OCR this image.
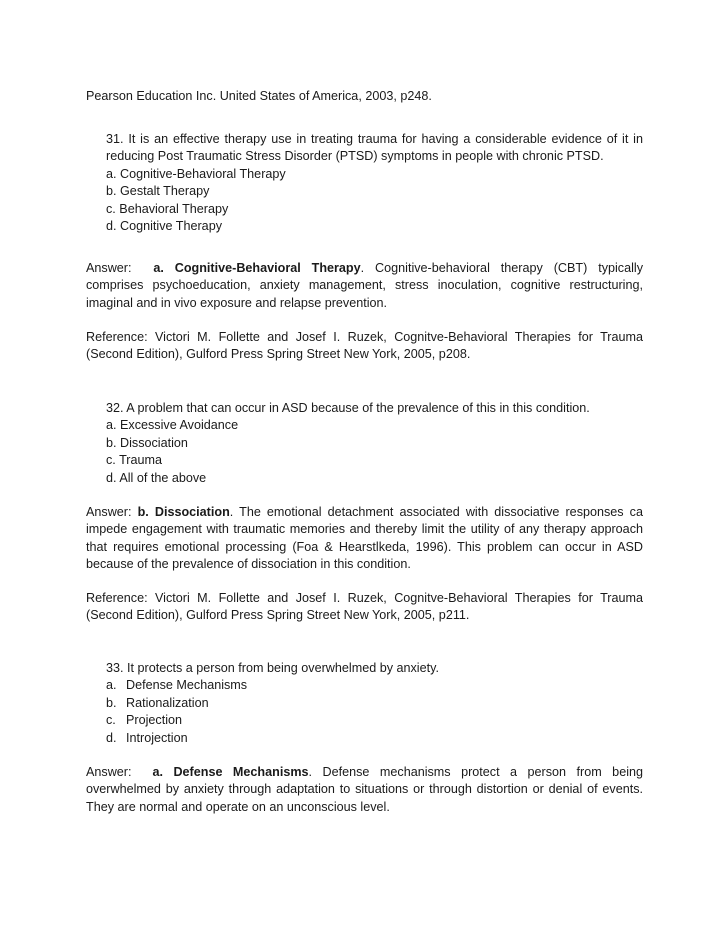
Pearson Education Inc. United States of America, 2003, p248.
31. It is an effective therapy use in treating trauma for having a considerable evidence of it in reducing Post Traumatic Stress Disorder (PTSD) symptoms in people with chronic PTSD.
a. Cognitive-Behavioral Therapy
b. Gestalt Therapy
c. Behavioral Therapy
d. Cognitive Therapy
Answer: a. Cognitive-Behavioral Therapy. Cognitive-behavioral therapy (CBT) typically comprises psychoeducation, anxiety management, stress inoculation, cognitive restructuring, imaginal and in vivo exposure and relapse prevention.
Reference: Victori M. Follette and Josef I. Ruzek, Cognitve-Behavioral Therapies for Trauma (Second Edition), Gulford Press Spring Street New York, 2005, p208.
32. A problem that can occur in ASD because of the prevalence of this in this condition.
a. Excessive Avoidance
b. Dissociation
c. Trauma
d. All of the above
Answer: b. Dissociation. The emotional detachment associated with dissociative responses ca impede engagement with traumatic memories and thereby limit the utility of any therapy approach that requires emotional processing (Foa & Hearstlkeda, 1996). This problem can occur in ASD because of the prevalence of dissociation in this condition.
Reference: Victori M. Follette and Josef I. Ruzek, Cognitve-Behavioral Therapies for Trauma (Second Edition), Gulford Press Spring Street New York, 2005, p211.
33. It protects a person from being overwhelmed by anxiety.
a. Defense Mechanisms
b. Rationalization
c. Projection
d. Introjection
Answer: a. Defense Mechanisms. Defense mechanisms protect a person from being overwhelmed by anxiety through adaptation to situations or through distortion or denial of events. They are normal and operate on an unconscious level.
